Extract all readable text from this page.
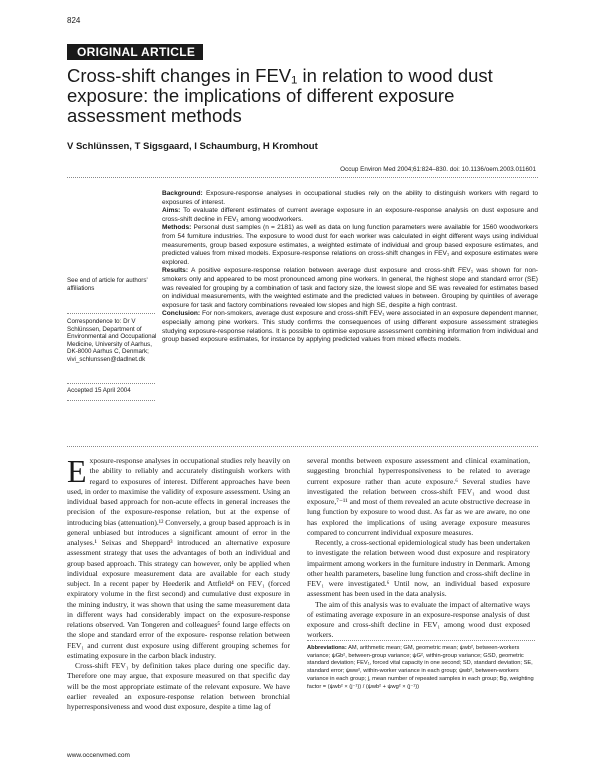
824
ORIGINAL ARTICLE
Cross-shift changes in FEV₁ in relation to wood dust exposure: the implications of different exposure assessment methods
V Schlünssen, T Sigsgaard, I Schaumburg, H Kromhout
Occup Environ Med 2004;61:824–830. doi: 10.1136/oem.2003.011601
See end of article for authors' affiliations
Correspondence to: Dr V Schlünssen, Department of Environmental and Occupational Medicine, University of Aarhus, DK-8000 Aarhus C, Denmark; vivi_schlunssen@dadlnet.dk
Accepted 15 April 2004

Background: Exposure-response analyses in occupational studies rely on the ability to distinguish workers with regard to exposures of interest.

Aims: To evaluate different estimates of current average exposure in an exposure-response analysis on dust exposure and cross-shift decline in FEV₁ among woodworkers.

Methods: Personal dust samples (n = 2181) as well as data on lung function parameters were available for 1560 woodworkers from 54 furniture industries. The exposure to wood dust for each worker was calculated in eight different ways using individual measurements, group based exposure estimates, a weighted estimate of individual and group based exposure estimates, and predicted values from mixed models. Exposure-response relations on cross-shift changes in FEV₁ and exposure estimates were explored.

Results: A positive exposure-response relation between average dust exposure and cross-shift FEV₁ was shown for non-smokers only and appeared to be most pronounced among pine workers. In general, the highest slope and standard error (SE) was revealed for grouping by a combination of task and factory size, the lowest slope and SE was revealed for estimates based on individual measurements, with the weighted estimate and the predicted values in between. Grouping by quintiles of average exposure for task and factory combinations revealed low slopes and high SE, despite a high contrast.

Conclusion: For non-smokers, average dust exposure and cross-shift FEV₁ were associated in an exposure dependent manner, especially among pine workers. This study confirms the consequences of using different exposure assessment strategies studying exposure-response relations. It is possible to optimise exposure assessment combining information from individual and group based exposure estimates, for instance by applying predicted values from mixed effects models.

Exposure-response analyses in occupational studies rely heavily on the ability to reliably and accurately distinguish workers with regard to exposures of interest. Different approaches have been used, in order to maximise the validity of exposure assessment. Using an individual based approach for non-acute effects in general increases the precision of the exposure-response relation, but at the expense of introducing bias (attenuation).¹² Conversely, a group based approach is in general unbiased but introduces a significant amount of error in the analyses.¹ Seixas and Sheppard³ introduced an alternative exposure assessment strategy that uses the advantages of both an individual and group based approach. This strategy can however, only be applied when individual exposure measurement data are available for each study subject. In a recent paper by Heederik and Attfield⁴ on FEV₁ (forced expiratory volume in the first second) and cumulative dust exposure in the mining industry, it was shown that using the same measurement data in different ways had considerably impact on the exposure-response relations observed. Van Tongeren and colleagues⁵ found large effects on the slope and standard error of the exposure- response relation between FEV₁ and current dust exposure using different grouping schemes for estimating exposure in the carbon black industry.

Cross-shift FEV₁ by definition takes place during one specific day. Therefore one may argue, that exposure measured on that specific day will be the most appropriate estimate of the relevant exposure. We have earlier revealed an exposure-response relation between bronchial hyperresponsiveness and wood dust exposure, despite a time lag of

several months between exposure assessment and clinical examination, suggesting bronchial hyperresponsiveness to be related to average current exposure rather than acute exposure.⁶ Several studies have investigated the relation between cross-shift FEV₁ and wood dust exposure,⁷⁻¹¹ and most of them revealed an acute obstructive decrease in lung function by exposure to wood dust. As far as we are aware, no one has explored the implications of using average exposure measures compared to concurrent individual exposure measures.

Recently, a cross-sectional epidemiological study has been undertaken to investigate the relation between wood dust exposure and respiratory impairment among workers in the furniture industry in Denmark. Among other health parameters, baseline lung function and cross-shift decline in FEV₁ were investigated.⁶ Until now, an individual based exposure assessment has been used in the data analysis.

The aim of this analysis was to evaluate the impact of alternative ways of estimating average exposure in an exposure-response analysis of dust exposure and cross-shift decline in FEV₁ among wood dust exposed workers.

Abbreviations: AM, arithmetic mean; GM, geometric mean; ψwb², between-workers variance; ψGb², between-group variance; ψG², within-group variance; GSD, geometric standard deviation; FEV₁, forced vital capacity in one second; SD, standard deviation; SE, standard error; ψww², within-worker variance in each group; ψwb², between-workers variance in each group; j, mean number of repeated samples in each group; Bg, weighting factor = (ψwb² × (j⁻¹)) / (ψwb² + ψwg² × (j⁻¹))
www.occenvmed.com
